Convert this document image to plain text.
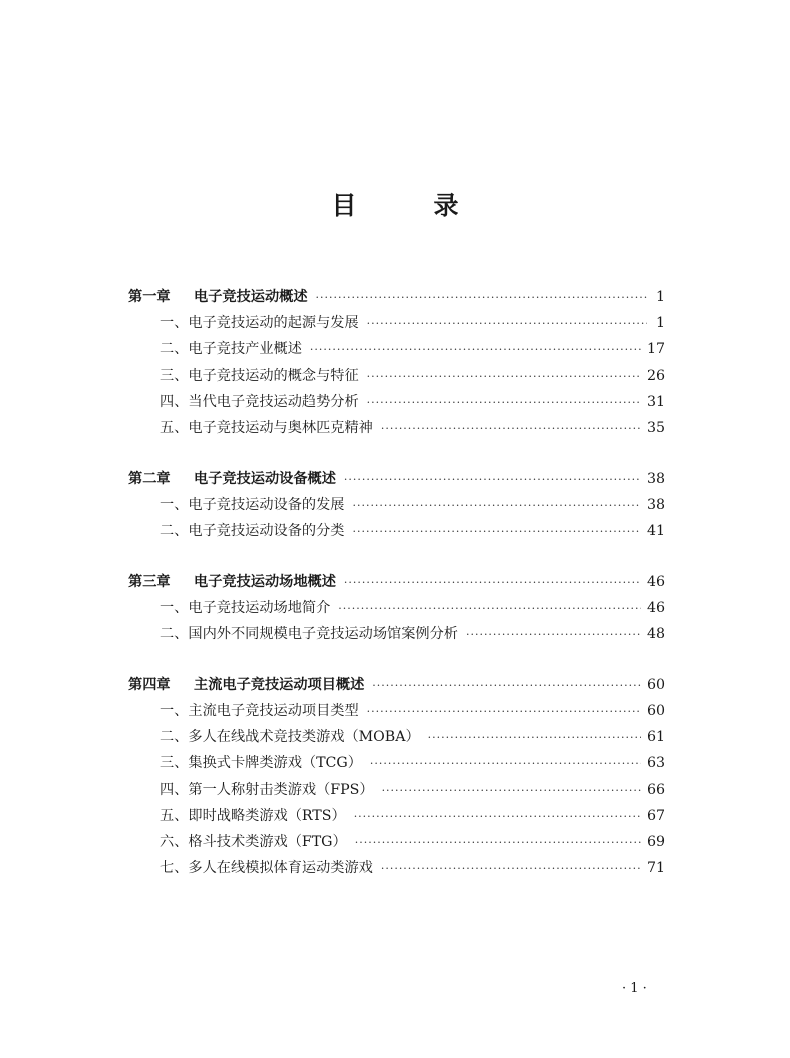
目　录
第一章	电子竞技运动概述 ·····	1
一、电子竞技运动的起源与发展 ·····	1
二、电子竞技产业概述 ·····	17
三、电子竞技运动的概念与特征 ·····	26
四、当代电子竞技运动趋势分析 ·····	31
五、电子竞技运动与奥林匹克精神 ·····	35
第二章	电子竞技运动设备概述 ·····	38
一、电子竞技运动设备的发展 ·····	38
二、电子竞技运动设备的分类 ·····	41
第三章	电子竞技运动场地概述 ·····	46
一、电子竞技运动场地简介 ·····	46
二、国内外不同规模电子竞技运动场馆案例分析 ·····	48
第四章	主流电子竞技运动项目概述 ·····	60
一、主流电子竞技运动项目类型 ·····	60
二、多人在线战术竞技类游戏（MOBA） ·····	61
三、集换式卡牌类游戏（TCG） ·····	63
四、第一人称射击类游戏（FPS） ·····	66
五、即时战略类游戏（RTS） ·····	67
六、格斗技术类游戏（FTG） ·····	69
七、多人在线模拟体育运动类游戏 ·····	71
· 1 ·
